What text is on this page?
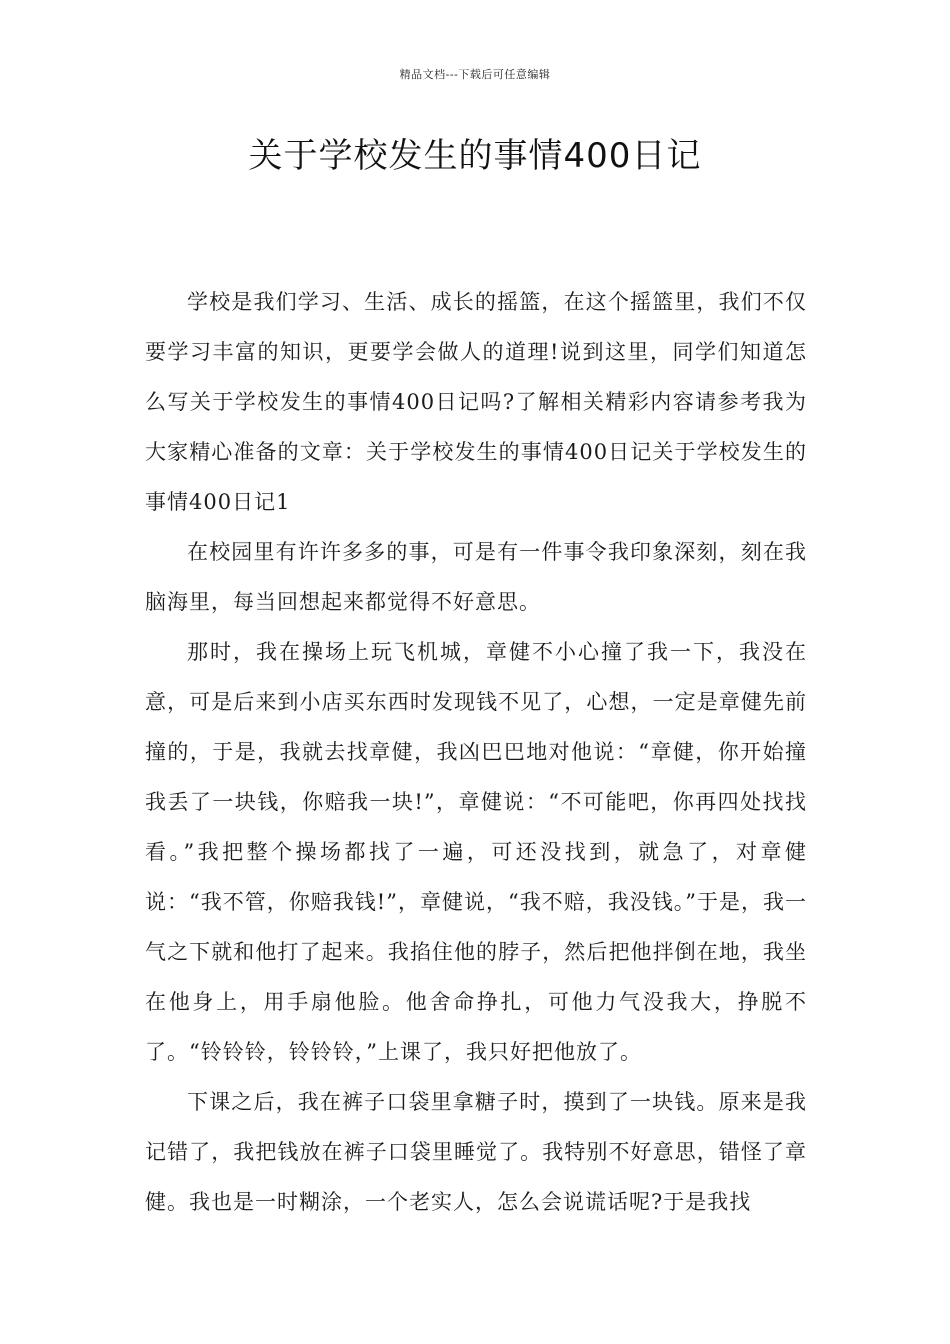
精品文档---下载后可任意编辑
关于学校发生的事情400日记

学校是我们学习、生活、成长的摇篮，在这个摇篮里，我们不仅要学习丰富的知识，更要学会做人的道理!说到这里，同学们知道怎么写关于学校发生的事情400日记吗?了解相关精彩内容请参考我为大家精心准备的文章：关于学校发生的事情400日记关于学校发生的事情400日记1

在校园里有许许多多的事，可是有一件事令我印象深刻，刻在我脑海里，每当回想起来都觉得不好意思。

那时，我在操场上玩飞机城，章健不小心撞了我一下，我没在意，可是后来到小店买东西时发现钱不见了，心想，一定是章健先前撞的，于是，我就去找章健，我凶巴巴地对他说：“章健，你开始撞我丢了一块钱，你赔我一块!”，章健说：“不可能吧，你再四处找找看。”我把整个操场都找了一遍，可还没找到，就急了，对章健说：“我不管，你赔我钱!”，章健说，“我不赔，我没钱。”于是，我一气之下就和他打了起来。我掐住他的脖子，然后把他拌倒在地，我坐在他身上，用手扇他脸。他舍命挣扎，可他力气没我大，挣脱不了。“铃铃铃，铃铃铃，”上课了，我只好把他放了。

下课之后，我在裤子口袋里拿糖子时，摸到了一块钱。原来是我记错了，我把钱放在裤子口袋里睡觉了。我特别不好意思，错怪了章健。我也是一时糊涂，一个老实人，怎么会说谎话呢?于是我找
